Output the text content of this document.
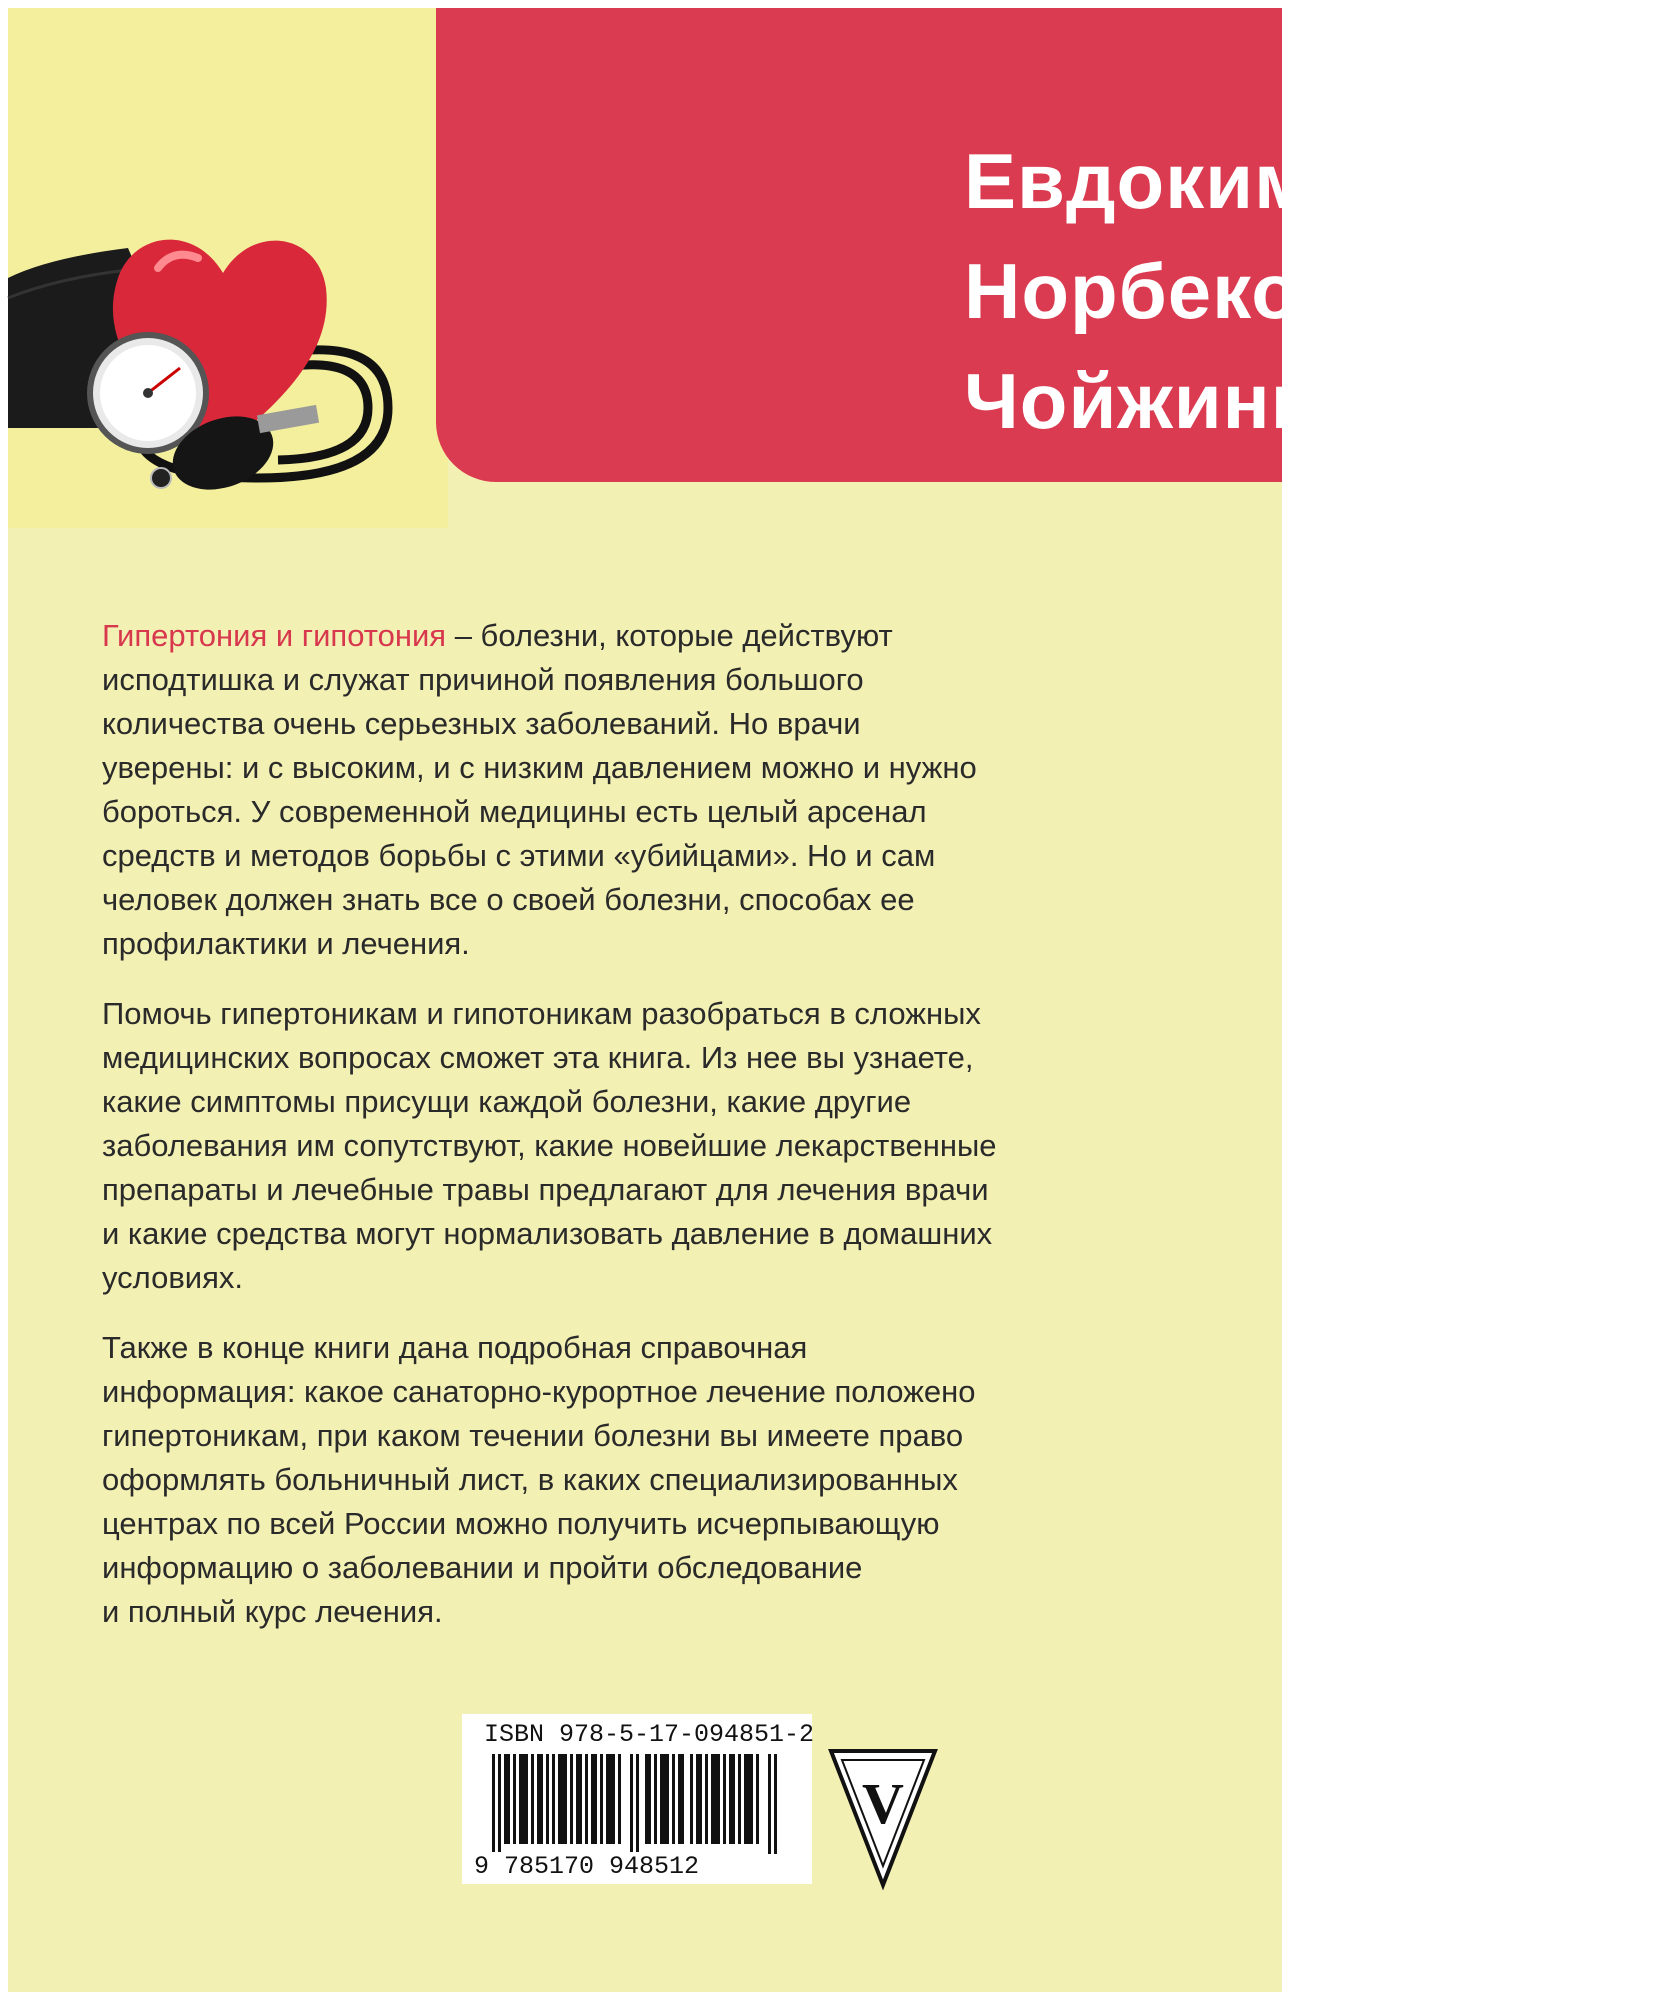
Евдокименко П.
Норбеков М.
Чойжинимаева С.

Гипертония и гипотония – болезни, которые действуют
исподтишка и служат причиной появления большого
количества очень серьезных заболеваний. Но врачи
уверены: и с высоким, и с низким давлением можно и нужно
бороться. У современной медицины есть целый арсенал
средств и методов борьбы с этими «убийцами». Но и сам
человек должен знать все о своей болезни, способах ее
профилактики и лечения.

Помочь гипертоникам и гипотоникам разобраться в сложных
медицинских вопросах сможет эта книга. Из нее вы узнаете,
какие симптомы присущи каждой болезни, какие другие
заболевания им сопутствуют, какие новейшие лекарственные
препараты и лечебные травы предлагают для лечения врачи
и какие средства могут нормализовать давление в домашних
условиях.

Также в конце книги дана подробная справочная
информация: какое санаторно-курортное лечение положено
гипертоникам, при каком течении болезни вы имеете право
оформлять больничный лист, в каких специализированных
центрах по всей России можно получить исчерпывающую
информацию о заболевании и пройти обследование
и полный курс лечения.

ISBN 978-5-17-094851-2
9 785170 948512
V
